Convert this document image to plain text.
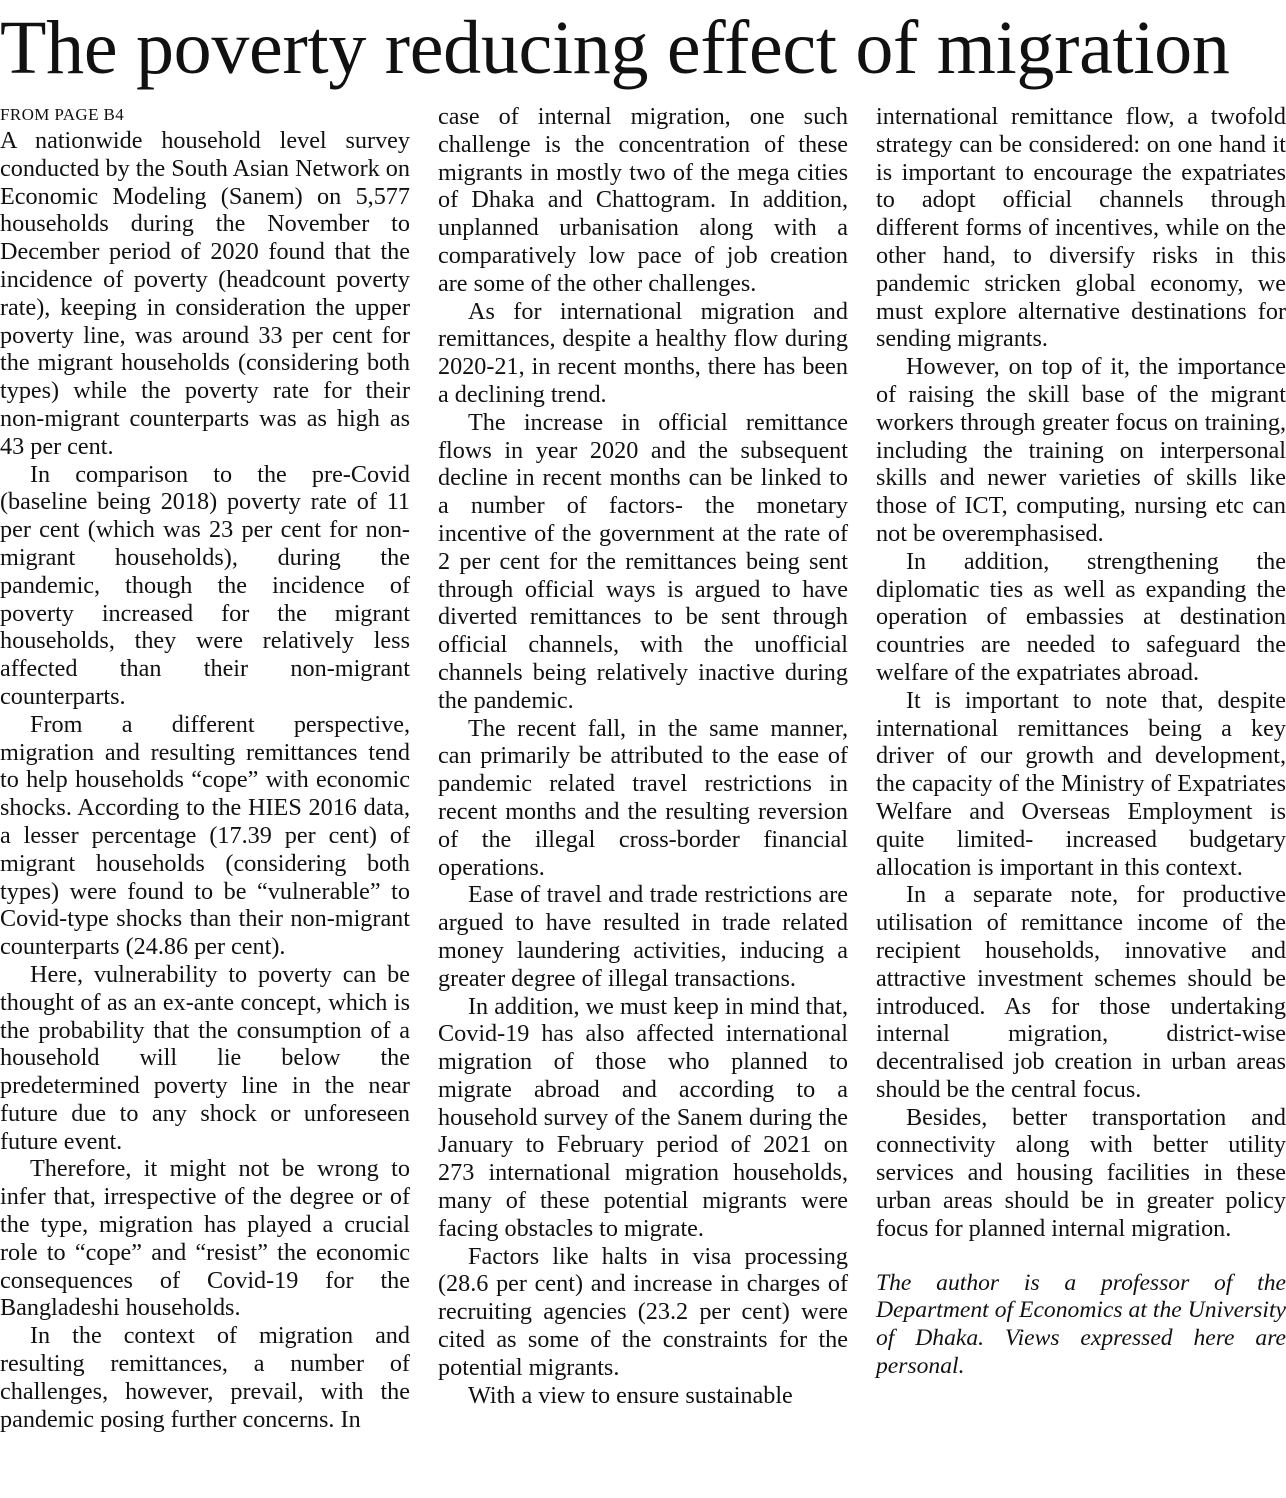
The poverty reducing effect of migration
FROM PAGE B4

A nationwide household level survey conducted by the South Asian Network on Economic Modeling (Sanem) on 5,577 households during the November to December period of 2020 found that the incidence of poverty (headcount poverty rate), keeping in consideration the upper poverty line, was around 33 per cent for the migrant households (considering both types) while the poverty rate for their non-migrant counterparts was as high as 43 per cent.

In comparison to the pre-Covid (baseline being 2018) poverty rate of 11 per cent (which was 23 per cent for non-migrant households), during the pandemic, though the incidence of poverty increased for the migrant households, they were relatively less affected than their non-migrant counterparts.

From a different perspective, migration and resulting remittances tend to help households “cope” with economic shocks. According to the HIES 2016 data, a lesser percentage (17.39 per cent) of migrant households (considering both types) were found to be “vulnerable” to Covid-type shocks than their non-migrant counterparts (24.86 per cent).

Here, vulnerability to poverty can be thought of as an ex-ante concept, which is the probability that the consumption of a household will lie below the predetermined poverty line in the near future due to any shock or unforeseen future event.

Therefore, it might not be wrong to infer that, irrespective of the degree or of the type, migration has played a crucial role to “cope” and “resist” the economic consequences of Covid-19 for the Bangladeshi households.

In the context of migration and resulting remittances, a number of challenges, however, prevail, with the pandemic posing further concerns. In

case of internal migration, one such challenge is the concentration of these migrants in mostly two of the mega cities of Dhaka and Chattogram. In addition, unplanned urbanisation along with a comparatively low pace of job creation are some of the other challenges.

As for international migration and remittances, despite a healthy flow during 2020-21, in recent months, there has been a declining trend.

The increase in official remittance flows in year 2020 and the subsequent decline in recent months can be linked to a number of factors- the monetary incentive of the government at the rate of 2 per cent for the remittances being sent through official ways is argued to have diverted remittances to be sent through official channels, with the unofficial channels being relatively inactive during the pandemic.

The recent fall, in the same manner, can primarily be attributed to the ease of pandemic related travel restrictions in recent months and the resulting reversion of the illegal cross-border financial operations.

Ease of travel and trade restrictions are argued to have resulted in trade related money laundering activities, inducing a greater degree of illegal transactions.

In addition, we must keep in mind that, Covid-19 has also affected international migration of those who planned to migrate abroad and according to a household survey of the Sanem during the January to February period of 2021 on 273 international migration households, many of these potential migrants were facing obstacles to migrate.

Factors like halts in visa processing (28.6 per cent) and increase in charges of recruiting agencies (23.2 per cent) were cited as some of the constraints for the potential migrants.

With a view to ensure sustainable

international remittance flow, a twofold strategy can be considered: on one hand it is important to encourage the expatriates to adopt official channels through different forms of incentives, while on the other hand, to diversify risks in this pandemic stricken global economy, we must explore alternative destinations for sending migrants.

However, on top of it, the importance of raising the skill base of the migrant workers through greater focus on training, including the training on interpersonal skills and newer varieties of skills like those of ICT, computing, nursing etc can not be overemphasised.

In addition, strengthening the diplomatic ties as well as expanding the operation of embassies at destination countries are needed to safeguard the welfare of the expatriates abroad.

It is important to note that, despite international remittances being a key driver of our growth and development, the capacity of the Ministry of Expatriates Welfare and Overseas Employment is quite limited- increased budgetary allocation is important in this context.

In a separate note, for productive utilisation of remittance income of the recipient households, innovative and attractive investment schemes should be introduced. As for those undertaking internal migration, district-wise decentralised job creation in urban areas should be the central focus.

Besides, better transportation and connectivity along with better utility services and housing facilities in these urban areas should be in greater policy focus for planned internal migration.

The author is a professor of the Department of Economics at the University of Dhaka. Views expressed here are personal.
